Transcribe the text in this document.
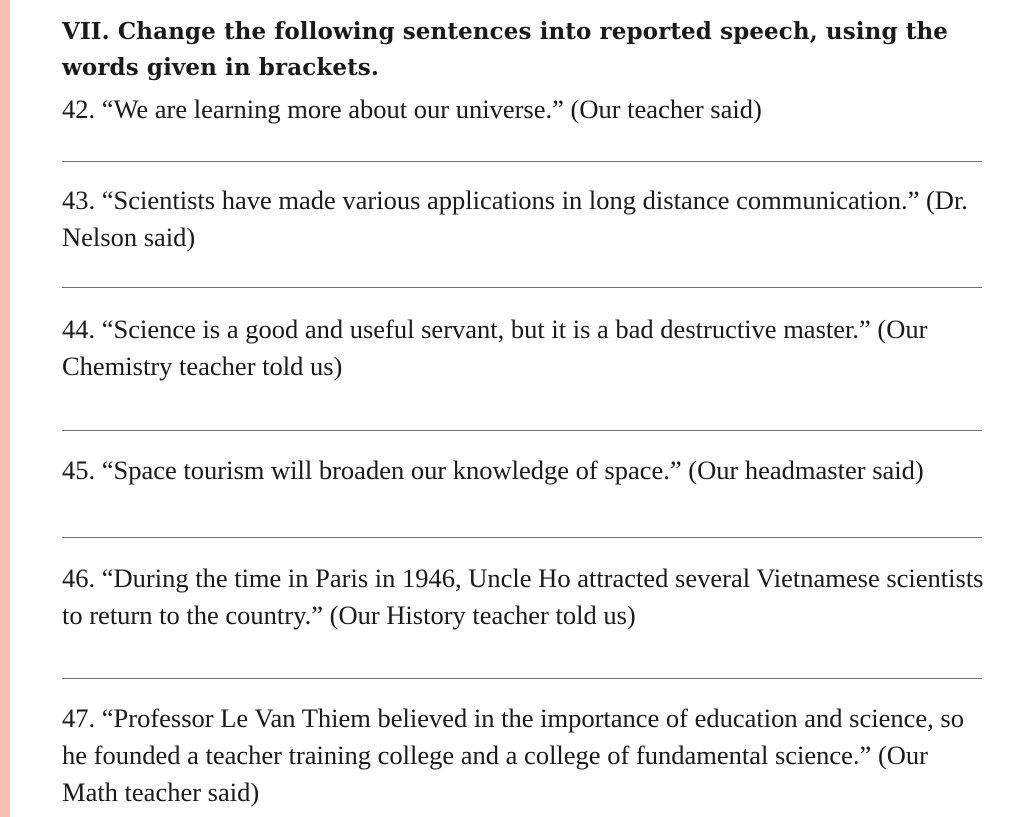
VII. Change the following sentences into reported speech, using the words given in brackets.

42. “We are learning more about our universe.” (Our teacher said)

43. “Scientists have made various applications in long distance communication.” (Dr. Nelson said)

44. “Science is a good and useful servant, but it is a bad destructive master.” (Our Chemistry teacher told us)

45. “Space tourism will broaden our knowledge of space.” (Our headmaster said)

46. “During the time in Paris in 1946, Uncle Ho attracted several Vietnamese scientists to return to the country.” (Our History teacher told us)

47. “Professor Le Van Thiem believed in the importance of education and science, so he founded a teacher training college and a college of fundamental science.” (Our Math teacher said)
